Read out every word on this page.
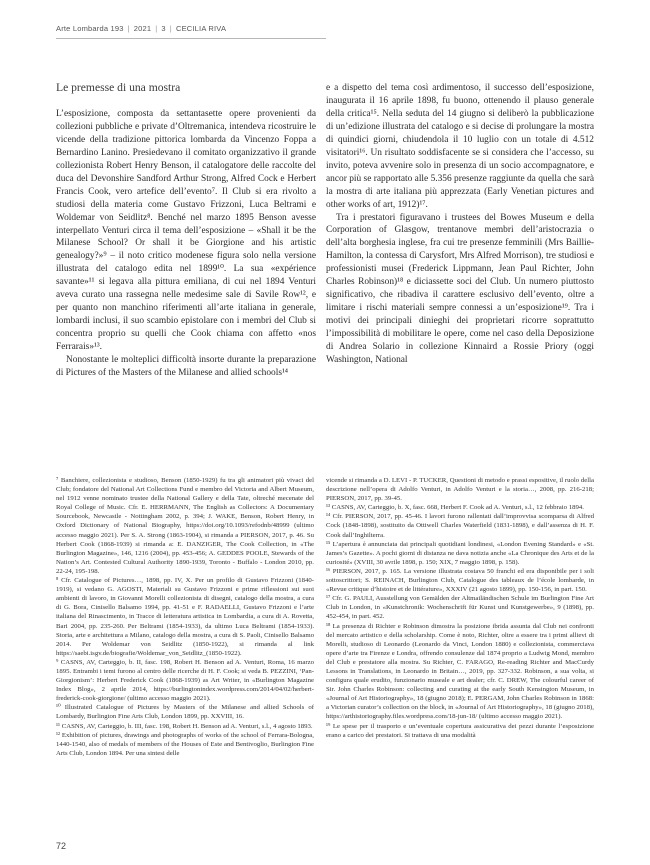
Arte Lombarda 193 | 2021 | 3 | CECILIA RIVA
Le premesse di una mostra

L’esposizione, composta da settantasette opere provenienti da collezioni pubbliche e private d’Oltremanica, intendeva ricostruire le vicende della tradizione pittorica lombarda da Vincenzo Foppa a Bernardino Lanino. Presiedevano il comitato organizzativo il grande collezionista Robert Henry Benson, il catalogatore delle raccolte del duca del Devonshire Sandford Arthur Strong, Alfred Cock e Herbert Francis Cook, vero artefice dell’evento⁷. Il Club si era rivolto a studiosi della materia come Gustavo Frizzoni, Luca Beltrami e Woldemar von Seidlitz⁸. Benché nel marzo 1895 Benson avesse interpellato Venturi circa il tema dell’esposizione – «Shall it be the Milanese School? Or shall it be Giorgione and his artistic genealogy?»⁹ – il noto critico modenese figura solo nella versione illustrata del catalogo edita nel 1899¹⁰. La sua «expérience savante»¹¹ si legava alla pittura emiliana, di cui nel 1894 Venturi aveva curato una rassegna nelle medesime sale di Savile Row¹², e per quanto non manchino riferimenti all’arte italiana in generale, lombardi inclusi, il suo scambio epistolare con i membri del Club si concentra proprio su quelli che Cook chiama con affetto «nos Ferrarais»¹³.

Nonostante le molteplici difficoltà insorte durante la preparazione di Pictures of the Masters of the Milanese and allied schools¹⁴

e a dispetto del tema così ardimentoso, il successo dell’esposizione, inaugurata il 16 aprile 1898, fu buono, ottenendo il plauso generale della critica¹⁵. Nella seduta del 14 giugno si deliberò la pubblicazione di un’edizione illustrata del catalogo e si decise di prolungare la mostra di quindici giorni, chiudendola il 10 luglio con un totale di 4.512 visitatori¹⁶. Un risultato soddisfacente se si considera che l’accesso, su invito, poteva avvenire solo in presenza di un socio accompagnatore, e ancor più se rapportato alle 5.356 presenze raggiunte da quella che sarà la mostra di arte italiana più apprezzata (Early Venetian pictures and other works of art, 1912)¹⁷.

Tra i prestatori figuravano i trustees del Bowes Museum e della Corporation of Glasgow, trentanove membri dell’aristocrazia o dell’alta borghesia inglese, fra cui tre presenze femminili (Mrs Baillie-Hamilton, la contessa di Carysfort, Mrs Alfred Morrison), tre studiosi e professionisti musei (Frederick Lippmann, Jean Paul Richter, John Charles Robinson)¹⁸ e diciassette soci del Club. Un numero piuttosto significativo, che ribadiva il carattere esclusivo dell’evento, oltre a limitare i rischi materiali sempre connessi a un’esposizione¹⁹. Tra i motivi dei principali dinieghi dei proprietari ricorre soprattutto l’impossibilità di mobilitare le opere, come nel caso della Deposizione di Andrea Solario in collezione Kinnaird a Rossie Priory (oggi Washington, National

⁷ Banchiere, collezionista e studioso, Benson (1850-1929) fu tra gli animatori più vivaci del Club; fondatore del National Art Collections Fund e membro del Victoria and Albert Museum, nel 1912 venne nominato trustee della National Gallery e della Tate, oltreché mecenate del Royal College of Music. Cfr. E. HERRMANN, The English as Collectors: A Documentary Sourcebook, Newcastle - Nottingham 2002, p. 394; J. WAKE, Benson, Robert Henry, in Oxford Dictionary of National Biography, https://doi.org/10.1093/refodnb/48999 (ultimo accesso maggio 2021). Per S. A. Strong (1863-1904), si rimanda a PIERSON, 2017, p. 46. Su Herbert Cook (1868-1939) si rimanda a: E. DANZIGER, The Cook Collection, in «The Burlington Magazine», 146, 1216 (2004), pp. 453-456; A. GEDDES POOLE, Stewards of the Nation’s Art. Contested Cultural Authority 1890-1939, Toronto - Buffalo - London 2010, pp. 22-24, 195-198.

⁸ Cfr. Catalogue of Pictures…, 1898, pp. IV, X. Per un profilo di Gustavo Frizzoni (1840-1919), si vedano G. AGOSTI, Materiali su Gustavo Frizzoni e prime riflessioni sui suoi ambienti di lavoro, in Giovanni Morelli collezionista di disegni, catalogo della mostra, a cura di G. Bora, Cinisello Balsamo 1994, pp. 41-51 e F. RADAELLI, Gustavo Frizzoni e l’arte italiana del Rinascimento, in Tracce di letteratura artistica in Lombardia, a cura di A. Rovetta, Bari 2004, pp. 235-260. Per Beltrami (1854-1933), da ultimo Luca Beltrami (1854-1933). Storia, arte e architettura a Milano, catalogo della mostra, a cura di S. Paoli, Cinisello Balsamo 2014. Per Woldemar von Seidlitz (1850-1922), si rimanda al link https://saebi.isgv.de/biografie/Woldemar_von_Seidlitz_(1850-1922).

⁹ CASNS, AV, Carteggio, b. II, fasc. 198, Robert H. Benson ad A. Venturi, Roma, 16 marzo 1895. Entrambi i temi furono al centro delle ricerche di H. F. Cook; si veda B. PEZZINI, ‘Pan-Giorgionism’: Herbert Frederick Cook (1868-1939) as Art Writer, in «Burlington Magazine Index Blog», 2 aprile 2014, https://burlingtonindex.wordpress.com/2014/04/02/herbert-frederick-cook-giorgione/ (ultimo accesso maggio 2021).

¹⁰ Illustrated Catalogue of Pictures by Masters of the Milanese and allied Schools of Lombardy, Burlington Fine Arts Club, London 1899, pp. XXVIII, 16.

¹¹ CASNS, AV, Carteggio, b. III, fasc. 198, Robert H. Benson ad A. Venturi, s.l., 4 agosto 1893.

¹² Exhibition of pictures, drawings and photographs of works of the school of Ferrara-Bologna, 1440-1540, also of medals of members of the Houses of Este and Bentivoglio, Burlington Fine Arts Club, London 1894. Per una sintesi delle

vicende si rimanda a D. LEVI - P. TUCKER, Questioni di metodo e prassi espositive, il ruolo della descrizione nell’opera di Adolfo Venturi, in Adolfo Venturi e la storia…, 2008, pp. 216-218; PIERSON, 2017, pp. 39-45.

¹³ CASNS, AV, Carteggio, b. X, fasc. 668, Herbert F. Cook ad A. Venturi, s.l., 12 febbraio 1894.

¹⁴ Cfr. PIERSON, 2017, pp. 45-46. I lavori furono rallentati dall’improvvisa scomparsa di Alfred Cock (1848-1898), sostituito da Ottiwell Charles Waterfield (1831-1898), e dall’assenza di H. F. Cook dall’Inghilterra.

¹⁵ L’apertura è annunciata dai principali quotidiani londinesi, «London Evening Standard» e «St. James’s Gazette». A pochi giorni di distanza ne dava notizia anche «La Chronique des Arts et de la curiosité» (XVIII, 30 avrile 1898, p. 150; XIX, 7 maggio 1898, p. 158).

¹⁶ PIERSON, 2017, p. 165. La versione illustrata costava 50 franchi ed era disponibile per i soli sottoscrittori; S. REINACH, Burlington Club, Catalogue des tableaux de l’école lombarde, in «Revue critique d’histoire et de littérature», XXXIV (21 agosto 1899), pp. 150-156, in part. 150.

¹⁷ Cfr. G. PAULI, Ausstellung von Gemälden der Altmailändischen Schule im Burlington Fine Art Club in London, in «Kunstchronik: Wochenschrift für Kunst und Kunstgewerbe», 9 (1898), pp. 452-454, in part. 452.

¹⁸ La presenza di Richter e Robinson dimostra la posizione ibrida assunta dal Club nei confronti del mercato artistico e della scholarship. Come è noto, Richter, oltre a essere tra i primi allievi di Morelli, studioso di Leonardo (Leonardo da Vinci, London 1880) e collezionista, commerciava opere d’arte tra Firenze e Londra, offrendo consulenze dal 1874 proprio a Ludwig Mond, membro del Club e prestatore alla mostra. Su Richter, C. FARAGO, Re-reading Richter and MacCurdy Lessons in Translations, in Leonardo in Britain…, 2019, pp. 327-332. Robinson, a sua volta, si configura quale erudito, funzionario museale e art dealer; cfr. C. DREW, The colourful career of Sir. John Charles Robinson: collecting and curating at the early South Kensington Museum, in «Journal of Art Historiography», 18 (giugno 2018); E. PERGAM, John Charles Robinson in 1868: a Victorian curator’s collection on the block, in «Journal of Art Historiography», 18 (giugno 2018), https://arthistoriography.files.wordpress.com/18-jun-18/ (ultimo accesso maggio 2021).

¹⁹ Le spese per il trasporto e un’eventuale copertura assicurativa dei pezzi durante l’esposizione erano a carico dei prestatori. Si trattava di una modalità

72
